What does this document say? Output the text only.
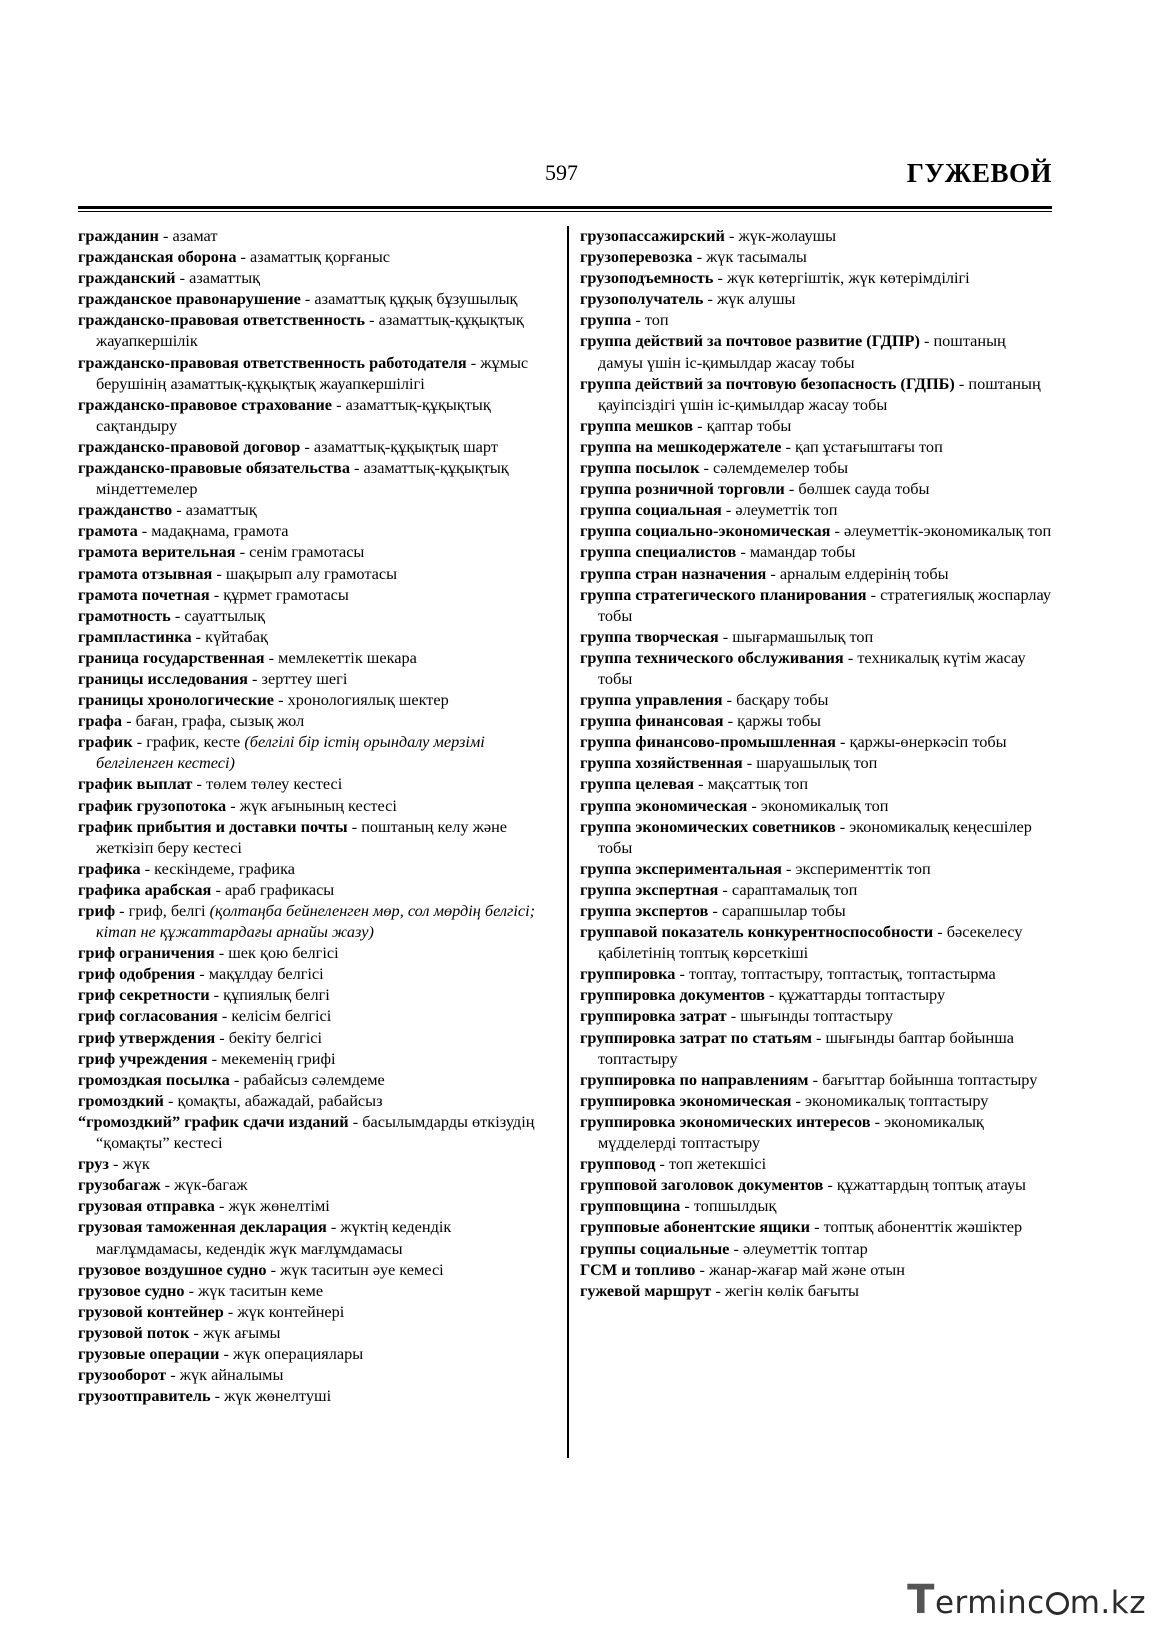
597	ГУЖЕВОЙ
гражданин - азамат
гражданская оборона - азаматтық қорғаныс
гражданский - азаматтық
гражданское правонарушение - азаматтық құқық бұзушылық
гражданско-правовая ответственность - азаматтық-құқықтық жауапкершілік
гражданско-правовая ответственность работодателя - жұмыс берушінің азаматтық-құқықтық жауапкершілігі
гражданско-правовое страхование - азаматтық-құқықтық сақтандыру
гражданско-правовой договор - азаматтық-құқықтық шарт
гражданско-правовые обязательства - азаматтық-құқықтық міндеттемелер
гражданство - азаматтық
грамота - мадақнама, грамота
грамота верительная - сенім грамотасы
грамота отзывная - шақырып алу грамотасы
грамота почетная - құрмет грамотасы
грамотность - сауаттылық
грампластинка - күйтабақ
граница государственная - мемлекеттік шекара
границы исследования - зерттеу шегі
границы хронологические - хронологиялық шектер
графа - баған, графа, сызық жол
график - график, кесте (белгілі бір істің орындалу мерзімі белгіленген кестесі)
график выплат - төлем төлеу кестесі
график грузопотока - жүк ағынының кестесі
график прибытия и доставки почты - поштаның келу және жеткізіп беру кестесі
графика - кескіндеме, графика
графика арабская - араб графикасы
гриф - гриф, белгі (қолтаңба бейнеленген мөр, сол мөрдің белгісі; кітап не құжаттардағы арнайы жазу)
гриф ограничения - шек қою белгісі
гриф одобрения - мақұлдау белгісі
гриф секретности - құпиялық белгі
гриф согласования - келісім белгісі
гриф утверждения - бекіту белгісі
гриф учреждения - мекеменің грифі
громоздкая посылка - рабайсыз сәлемдеме
громоздкий - қомақты, абажадай, рабайсыз
“громоздкий” график сдачи изданий - басылымдарды өткізудің “қомақты” кестесі
груз - жүк
грузобагаж - жүк-багаж
грузовая отправка - жүк жөнелтімі
грузовая таможенная декларация - жүктің кедендік мағлұмдамасы, кедендік жүк мағлұмдамасы
грузовое воздушное судно - жүк таситын әуе кемесі
грузовое судно - жүк таситын кеме
грузовой контейнер - жүк контейнері
грузовой поток - жүк ағымы
грузовые операции - жүк операциялары
грузооборот - жүк айналымы
грузоотправитель - жүк жөнелтуші
грузопассажирский - жүк-жолаушы
грузоперевозка - жүк тасымалы
грузоподъемность - жүк көтергіштік, жүк көтерімділігі
грузополучатель - жүк алушы
группа - топ
группа действий за почтовое развитие (ГДПР) - поштаның дамуы үшін іс-қимылдар жасау тобы
группа действий за почтовую безопасность (ГДПБ) - поштаның қауіпсіздігі үшін іс-қимылдар жасау тобы
группа мешков - қаптар тобы
группа на мешкодержателе - қап ұстағыштағы топ
группа посылок - сәлемдемелер тобы
группа розничной торговли - бөлшек сауда тобы
группа социальная - әлеуметтік топ
группа социально-экономическая - әлеуметтік-экономикалық топ
группа специалистов - мамандар тобы
группа стран назначения - арналым елдерінің тобы
группа стратегического планирования - стратегиялық жоспарлау тобы
группа творческая - шығармашылық топ
группа технического обслуживания - техникалық күтім жасау тобы
группа управления - басқару тобы
группа финансовая - қаржы тобы
группа финансово-промышленная - қаржы-өнеркәсіп тобы
группа хозяйственная - шаруашылық топ
группа целевая - мақсаттық топ
группа экономическая - экономикалық топ
группа экономических советников - экономикалық кеңесшілер тобы
группа экспериментальная - эксперименттік топ
группа экспертная - сараптамалық топ
группа экспертов - сарапшылар тобы
группавой показатель конкурентноспособности - бәсекелесу қабілетінің топтық көрсеткіші
группировка - топтау, топтастыру, топтастық, топтастырма
группировка документов - құжаттарды топтастыру
группировка затрат - шығынды топтастыру
группировка затрат по статьям - шығынды баптар бойынша топтастыру
группировка по направлениям - бағыттар бойынша топтастыру
группировка экономическая - экономикалық топтастыру
группировка экономических интересов - экономикалық мүдделерді топтастыру
групповод - топ жетекшісі
групповой заголовок документов - құжаттардың топтық атауы
групповщина - топшылдық
групповые абонентские ящики - топтық абоненттік жәшіктер
группы социальные - әлеуметтік топтар
ГСМ и топливо - жанар-жағар май және отын
гужевой маршрут - жегін көлік бағыты
Terminc m.kz
